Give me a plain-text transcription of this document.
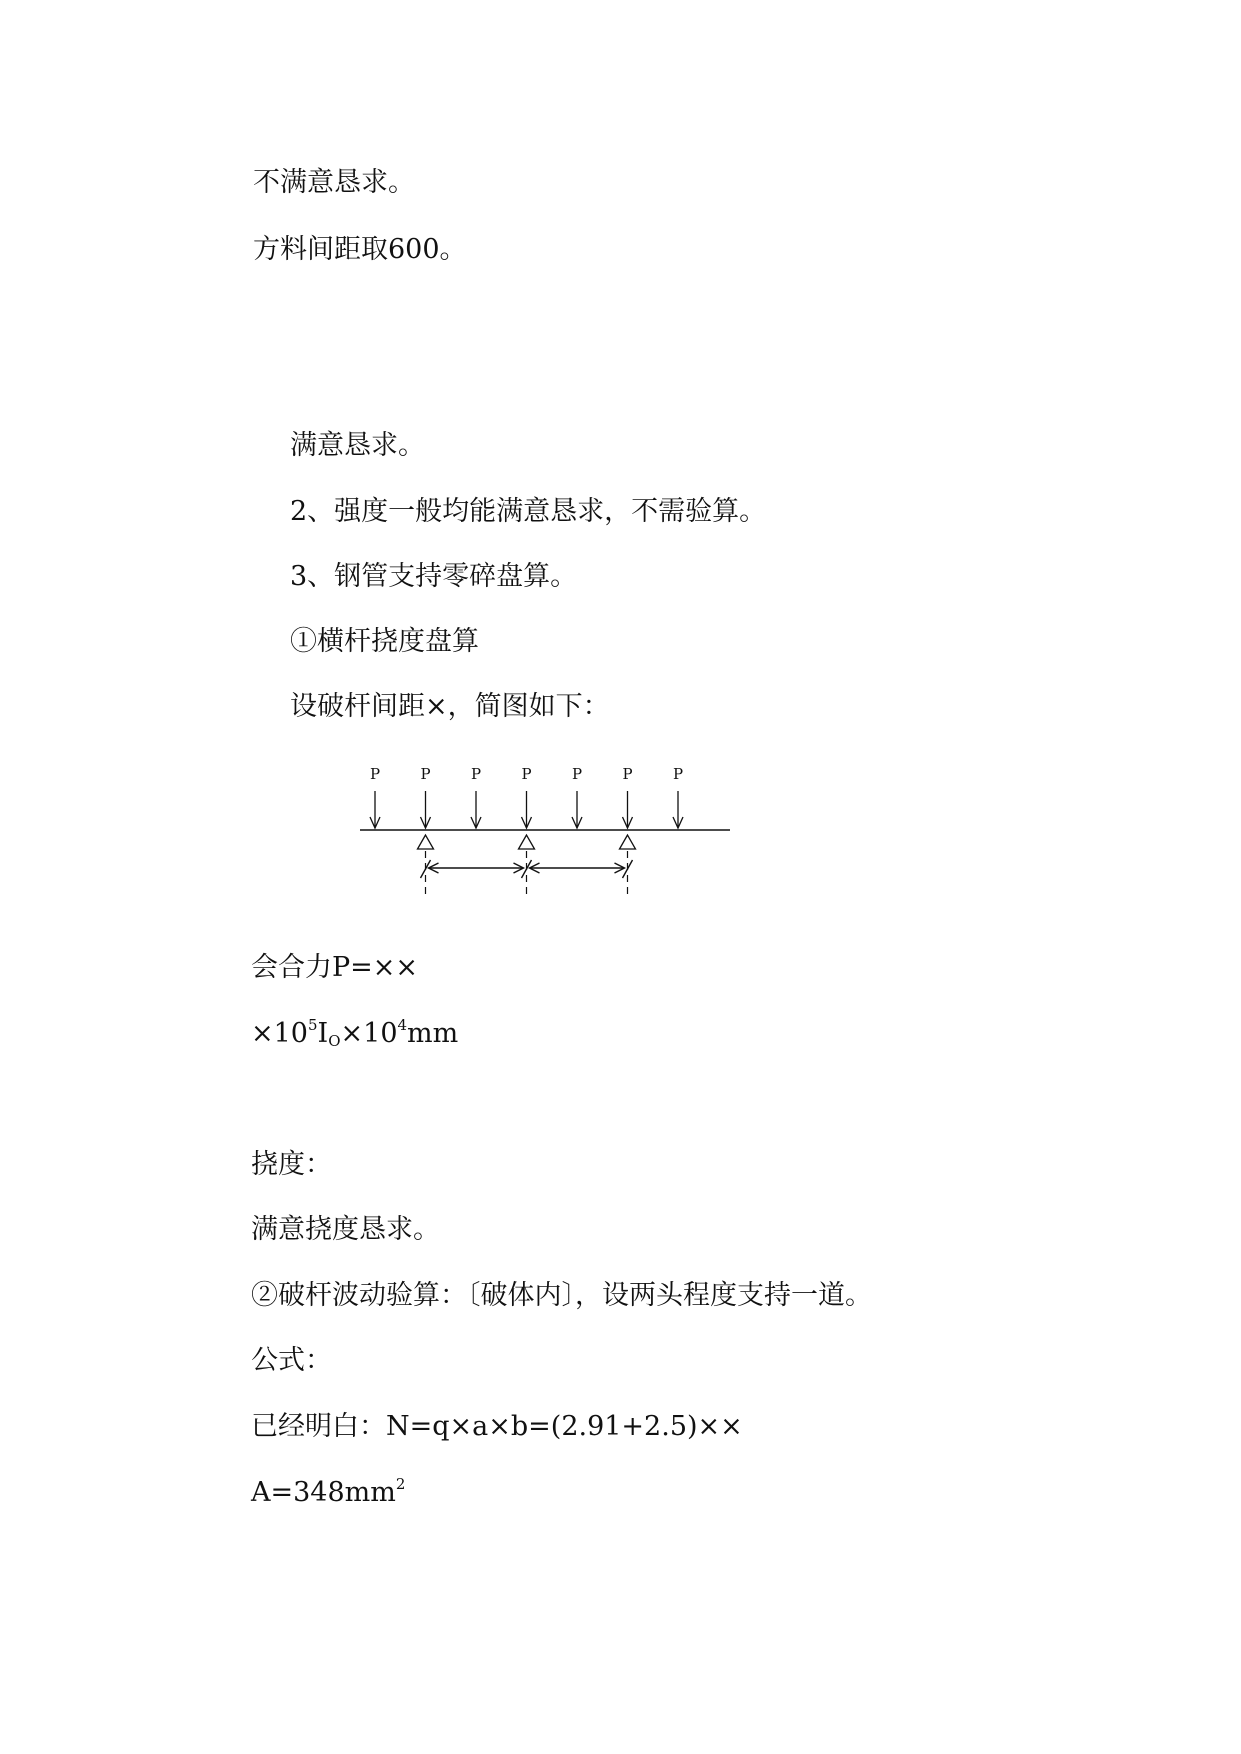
不满意恳求。
方料间距取600。
满意恳求。
2、强度一般均能满意恳求，不需验算。
3、钢管支持零碎盘算。
①横杆挠度盘算
设破杆间距×，简图如下：
P	P	P	P	P	P	P
会合力P=××
$\times 10^5I_O\times 10^4mm$
挠度：
满意挠度恳求。
②破杆波动验算：〔破体内〕，设两头程度支持一道。
公式：
已经明白：N=q×a×b=(2.91+2.5)××
$A=348mm^2$
